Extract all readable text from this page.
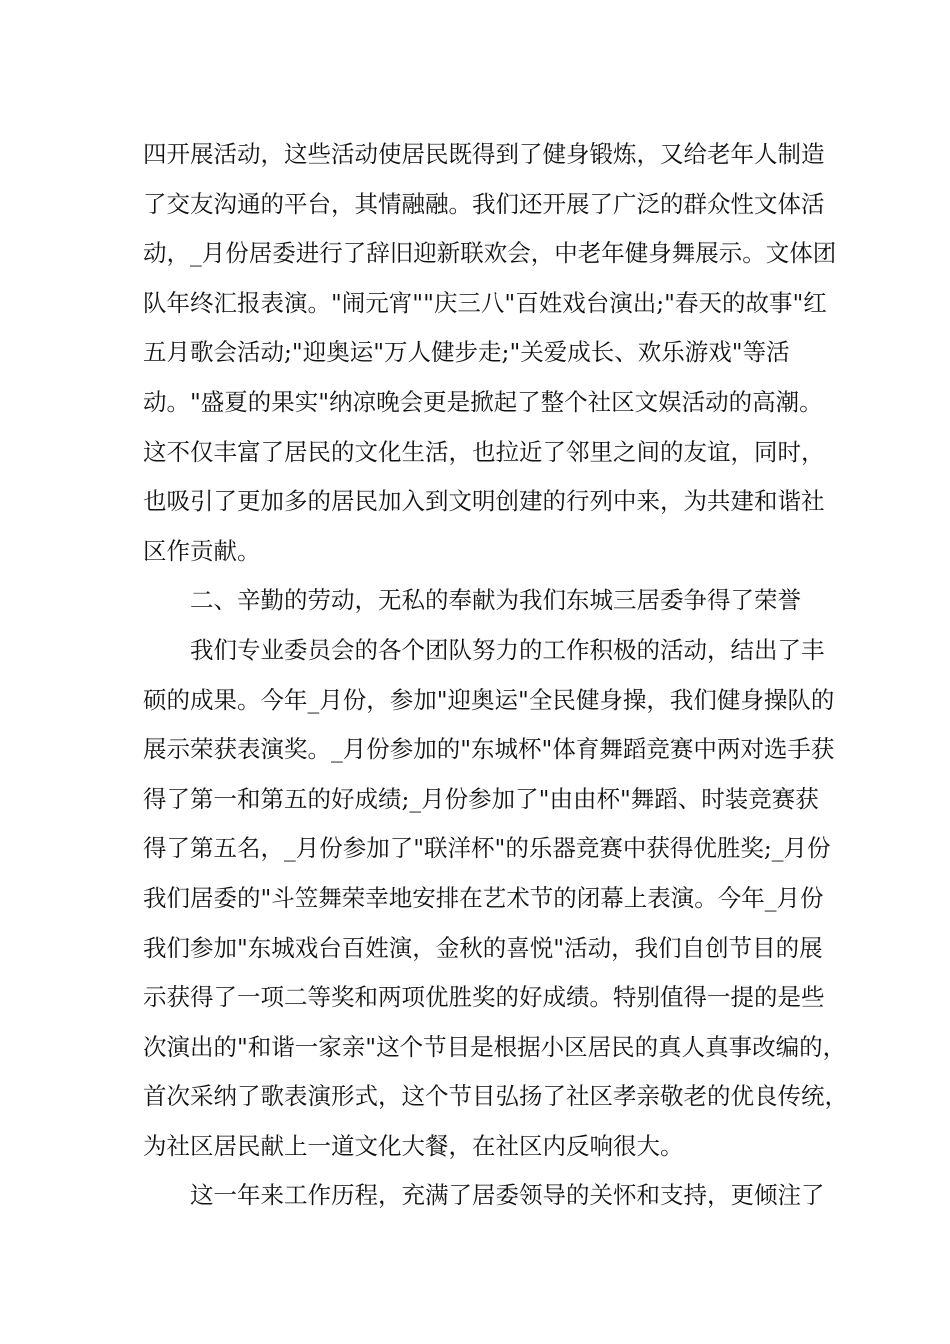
四开展活动，这些活动使居民既得到了健身锻炼，又给老年人制造
了交友沟通的平台，其情融融。我们还开展了广泛的群众性文体活
动，_月份居委进行了辞旧迎新联欢会，中老年健身舞展示。文体团
队年终汇报表演。"闹元宵""庆三八"百姓戏台演出;"春天的故事"红
五月歌会活动;"迎奥运"万人健步走;"关爱成长、欢乐游戏"等活
动。"盛夏的果实"纳凉晚会更是掀起了整个社区文娱活动的高潮。
这不仅丰富了居民的文化生活，也拉近了邻里之间的友谊，同时，
也吸引了更加多的居民加入到文明创建的行列中来，为共建和谐社
区作贡献。
二、辛勤的劳动，无私的奉献为我们东城三居委争得了荣誉
我们专业委员会的各个团队努力的工作积极的活动，结出了丰
硕的成果。今年_月份，参加"迎奥运"全民健身操，我们健身操队的
展示荣获表演奖。_月份参加的"东城杯"体育舞蹈竞赛中两对选手获
得了第一和第五的好成绩;_月份参加了"由由杯"舞蹈、时装竞赛获
得了第五名，_月份参加了"联洋杯"的乐器竞赛中获得优胜奖;_月份
我们居委的"斗笠舞荣幸地安排在艺术节的闭幕上表演。今年_月份
我们参加"东城戏台百姓演，金秋的喜悦"活动，我们自创节目的展
示获得了一项二等奖和两项优胜奖的好成绩。特别值得一提的是些
次演出的"和谐一家亲"这个节目是根据小区居民的真人真事改编的，
首次采纳了歌表演形式，这个节目弘扬了社区孝亲敬老的优良传统，
为社区居民献上一道文化大餐，在社区内反响很大。
这一年来工作历程，充满了居委领导的关怀和支持，更倾注了
